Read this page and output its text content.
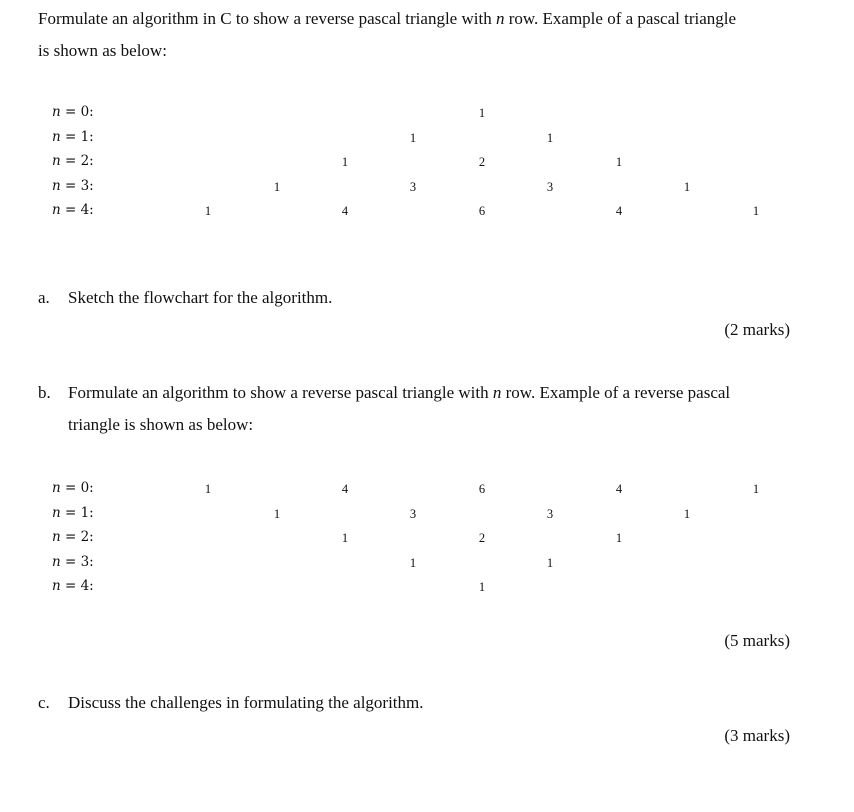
Formulate an algorithm in C to show a reverse pascal triangle with n row. Example of a pascal triangle
is shown as below:
n = 0:	1
n = 1:	1	1
n = 2:	1	2	1
n = 3:	1	3	3	1
n = 4:	1	4	6	4	1
a. Sketch the flowchart for the algorithm.
(2 marks)
b. Formulate an algorithm to show a reverse pascal triangle with n row. Example of a reverse pascal
triangle is shown as below:
n = 0:	1	4	6	4	1
n = 1:	1	3	3	1
n = 2:	1	2	1
n = 3:	1	1
n = 4:	1
(5 marks)
c. Discuss the challenges in formulating the algorithm.
(3 marks)
